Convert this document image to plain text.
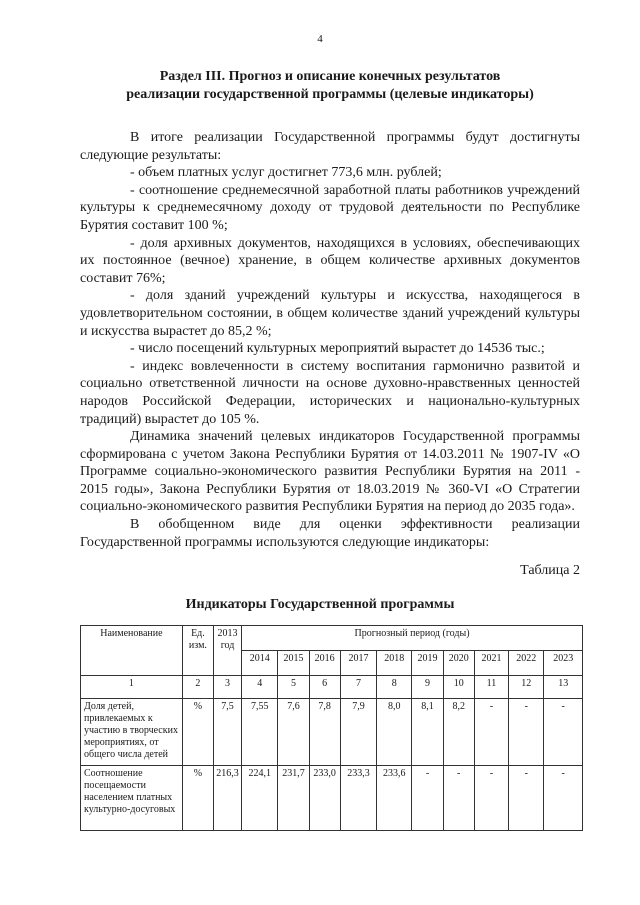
4
Раздел III. Прогноз и описание конечных результатов
реализации государственной программы (целевые индикаторы)

В итоге реализации Государственной программы будут достигнуты следующие результаты:

- объем платных услуг достигнет 773,6 млн. рублей;

- соотношение среднемесячной заработной платы работников учреждений культуры к среднемесячному доходу от трудовой деятельности по Республике Бурятия составит 100 %;

- доля архивных документов, находящихся в условиях, обеспечивающих их постоянное (вечное) хранение, в общем количестве архивных документов составит 76%;

- доля зданий учреждений культуры и искусства, находящегося в удовлетворительном состоянии, в общем количестве зданий учреждений культуры и искусства вырастет до 85,2 %;

- число посещений культурных мероприятий вырастет до 14536 тыс.;

- индекс вовлеченности в систему воспитания гармонично развитой и социально ответственной личности на основе духовно-нравственных ценностей народов Российской Федерации, исторических и национально-культурных традиций) вырастет до 105 %.

Динамика значений целевых индикаторов Государственной программы сформирована с учетом Закона Республики Бурятия от 14.03.2011 № 1907-IV «О Программе социально-экономического развития Республики Бурятия на 2011 - 2015 годы», Закона Республики Бурятия от 18.03.2019 № 360-VI «О Стратегии социально-экономического развития Республики Бурятия на период до 2035 года».

В обобщенном виде для оценки эффективности реализации Государственной программы используются следующие индикаторы:

Таблица 2
Индикаторы Государственной программы
Наименование	Ед. изм.	2013 год	Прогнозный период (годы)									
			2014	2015	2016	2017	2018	2019	2020	2021	2022	2023
1	2	3	4	5	6	7	8	9	10	11	12	13
Доля детей, привлекаемых к участию в творческих мероприятиях, от общего числа детей	%	7,5	7,55	7,6	7,8	7,9	8,0	8,1	8,2	-	-	-
Соотношение посещаемости населением платных культурно-досуговых	%	216,3	224,1	231,7	233,0	233,3	233,6	-	-	-	-	-
